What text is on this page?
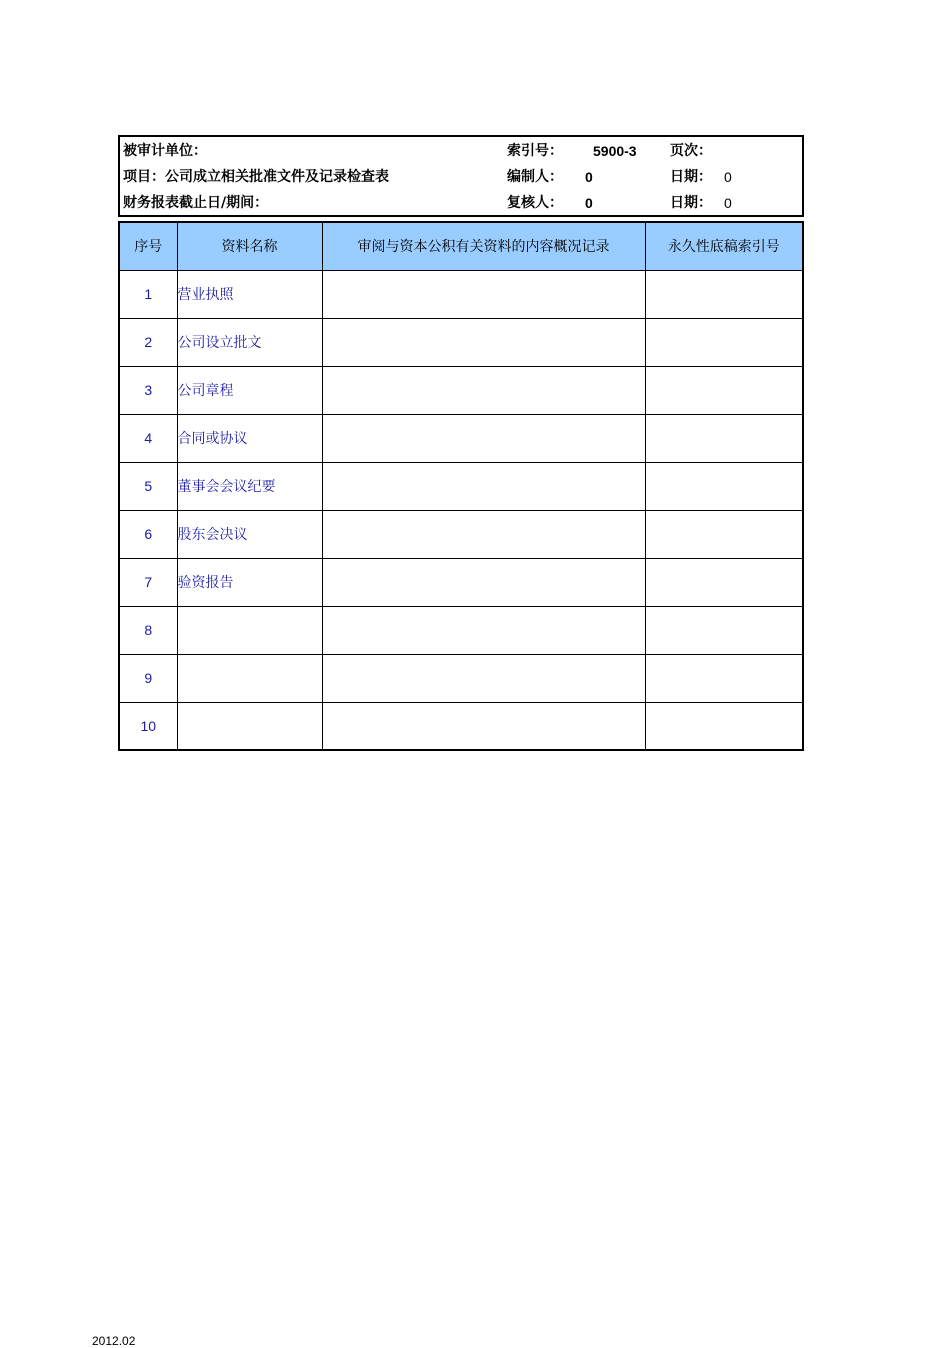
被审计单位：	索引号： 5900-3 页次：
项目：公司成立相关批准文件及记录检查表	编制人： 0	日期： 0
财务报表截止日/期间：	复核人： 0	日期： 0
序号	资料名称	审阅与资本公积有关资料的内容概况记录	永久性底稿索引号
1	营业执照		
2	公司设立批文		
3	公司章程		
4	合同或协议		
5	董事会会议纪要		
6	股东会决议		
7	验资报告		
8			
9			
10			
2012.02
